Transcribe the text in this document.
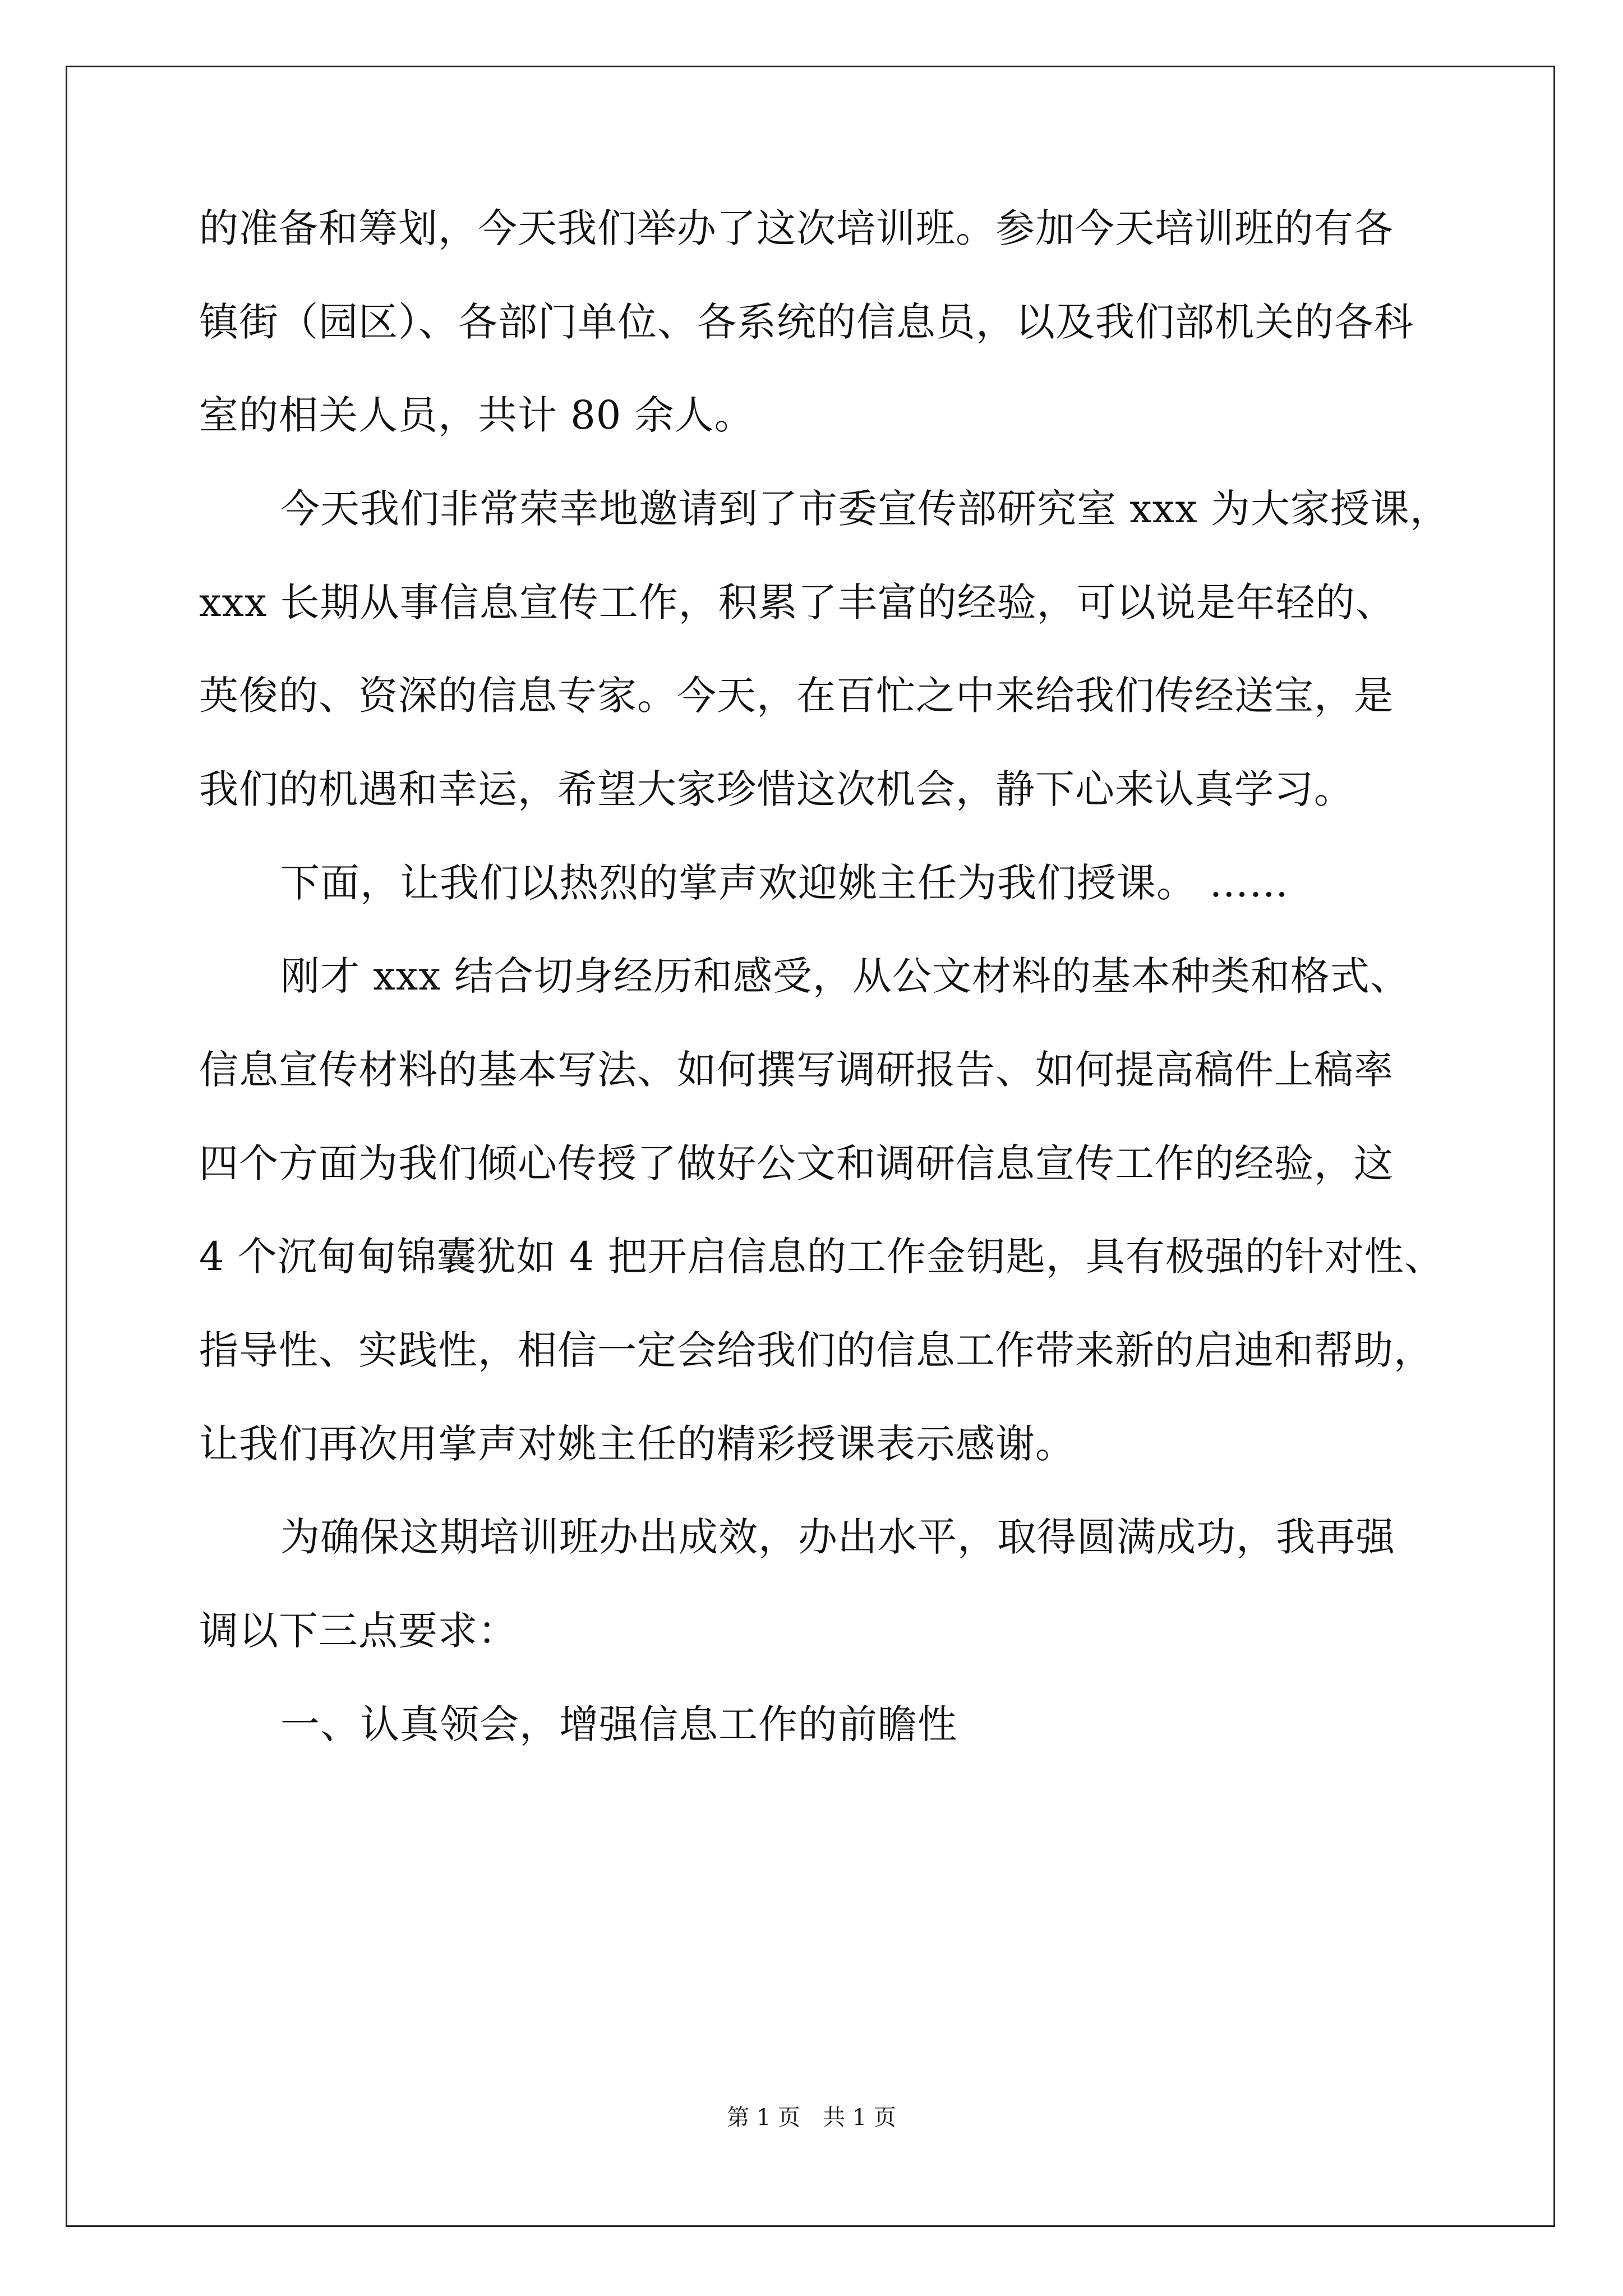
的准备和筹划，今天我们举办了这次培训班。参加今天培训班的有各
镇街（园区）、各部门单位、各系统的信息员，以及我们部机关的各科
室的相关人员，共计 80 余人。
今天我们非常荣幸地邀请到了市委宣传部研究室 xxx 为大家授课，
xxx 长期从事信息宣传工作，积累了丰富的经验，可以说是年轻的、
英俊的、资深的信息专家。今天，在百忙之中来给我们传经送宝，是
我们的机遇和幸运，希望大家珍惜这次机会，静下心来认真学习。
下面，让我们以热烈的掌声欢迎姚主任为我们授课。 ……
刚才 xxx 结合切身经历和感受，从公文材料的基本种类和格式、
信息宣传材料的基本写法、如何撰写调研报告、如何提高稿件上稿率
四个方面为我们倾心传授了做好公文和调研信息宣传工作的经验，这
4 个沉甸甸锦囊犹如 4 把开启信息的工作金钥匙，具有极强的针对性、
指导性、实践性，相信一定会给我们的信息工作带来新的启迪和帮助，
让我们再次用掌声对姚主任的精彩授课表示感谢。
为确保这期培训班办出成效，办出水平，取得圆满成功，我再强
调以下三点要求：
一、认真领会，增强信息工作的前瞻性
第 1 页　共 1 页
